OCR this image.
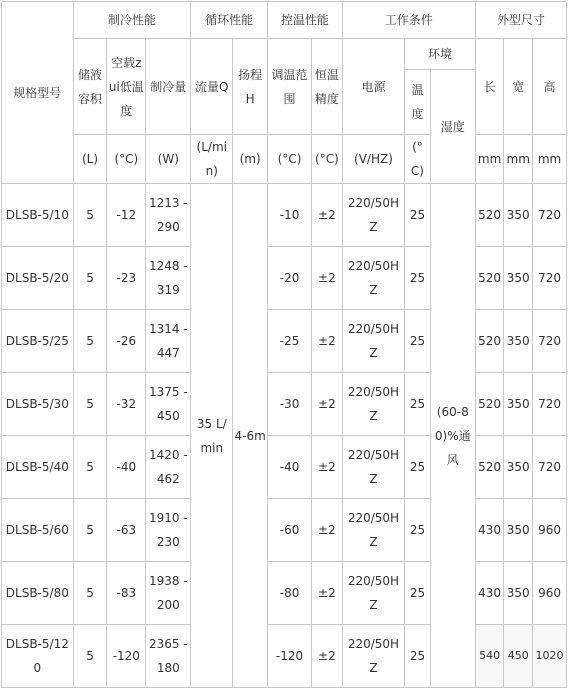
规格型号	制冷性能			循环性能		控温性能		工作条件			外型尺寸		
	储液容积	空载zui低温度	制冷量	流量Q	扬程H	调温范围	恒温精度	电源	环境		长	宽	高
									温度	湿度			
	(L)	(°C)	(W)	(L/min)	(m)	(°C)	(°C)	(V/HZ)	(°C)		mm	mm	mm
DLSB-5/10	5	-12	1213 - 290	35 L/min	4-6m	-10	±2	220/50HZ	25	(60-80)%通风	520	350	720
DLSB-5/20	5	-23	1248 - 319			-20	±2	220/50HZ	25		520	350	720
DLSB-5/25	5	-26	1314 - 447			-25	±2	220/50HZ	25		520	350	720
DLSB-5/30	5	-32	1375 - 450			-30	±2	220/50HZ	25		520	350	720
DLSB-5/40	5	-40	1420 - 462			-40	±2	220/50HZ	25		520	350	720
DLSB-5/60	5	-63	1910 - 230			-60	±2	220/50HZ	25		430	350	960
DLSB-5/80	5	-83	1938 - 200			-80	±2	220/50HZ	25		430	350	960
DLSB-5/120	5	-120	2365 - 180			-120	±2	220/50HZ	25		540	450	1020
